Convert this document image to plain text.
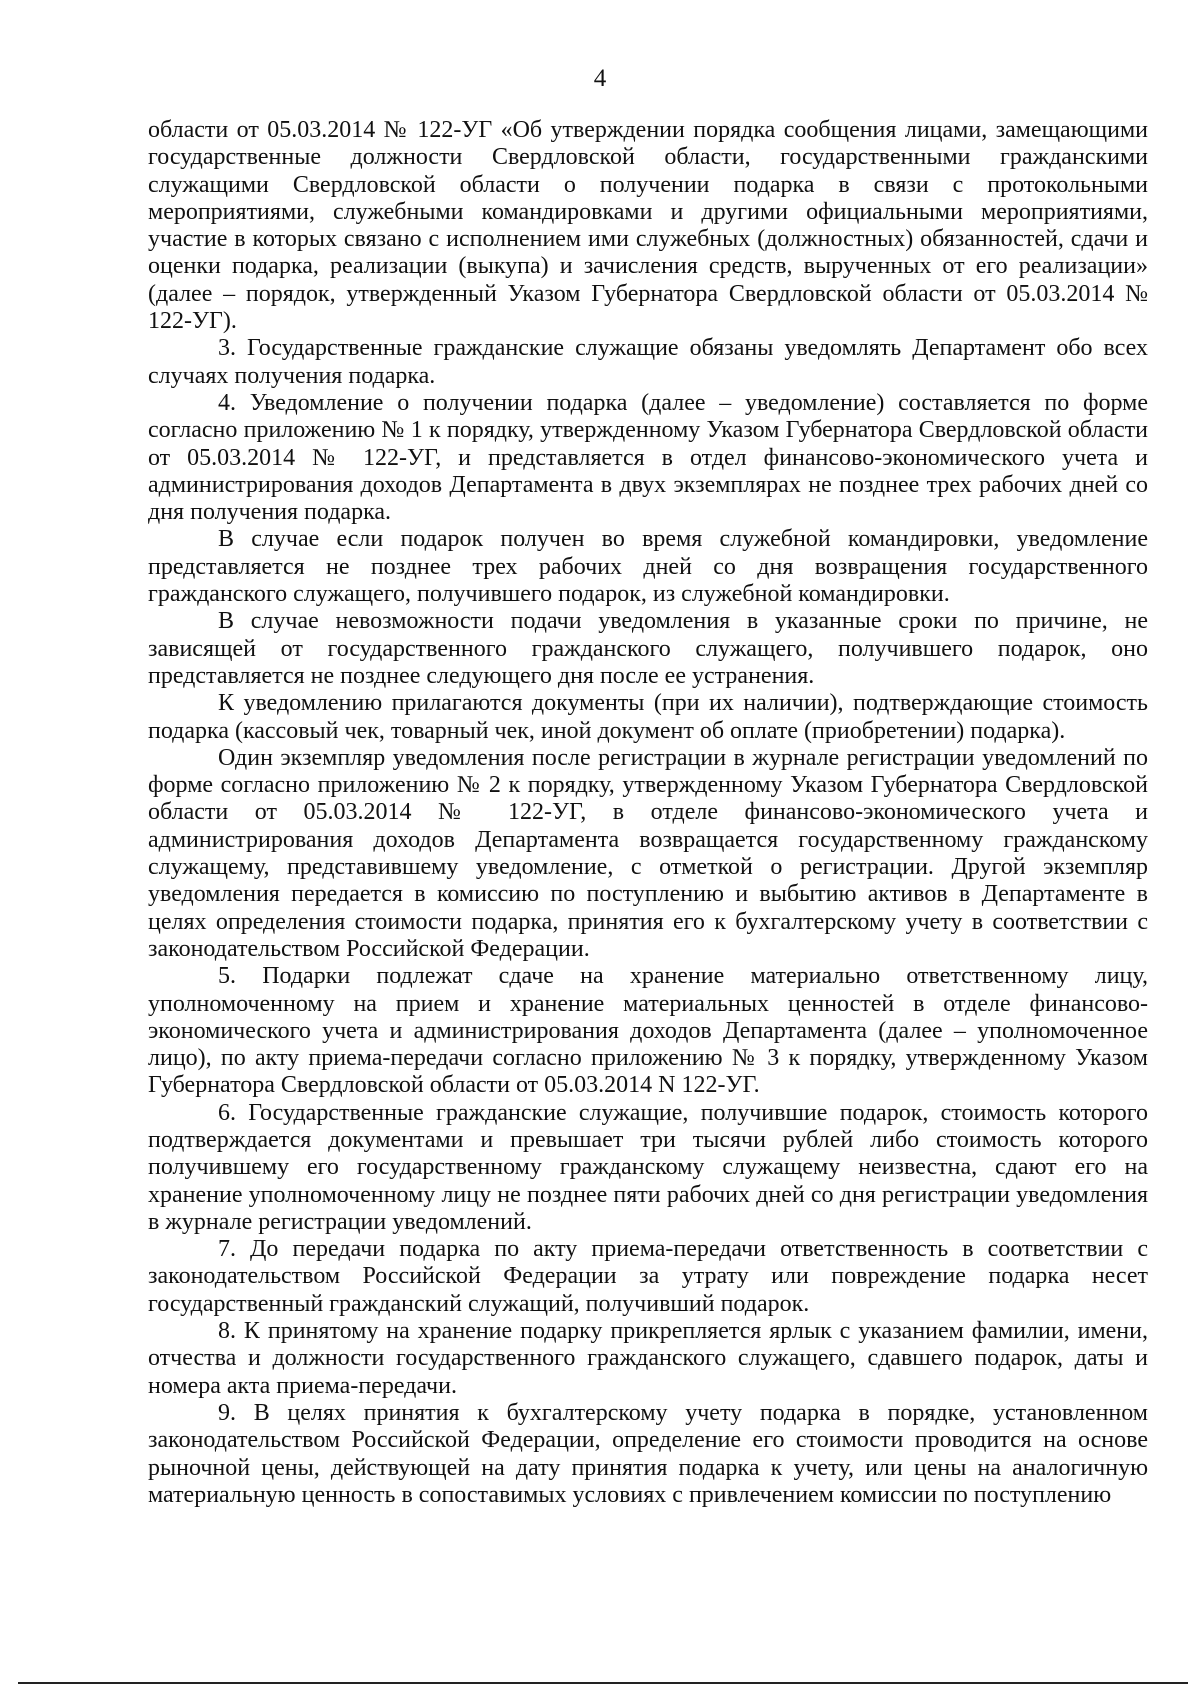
4

области от 05.03.2014 № 122-УГ «Об утверждении порядка сообщения лицами, замещающими государственные должности Свердловской области, государственными гражданскими служащими Свердловской области о получении подарка в связи с протокольными мероприятиями, служебными командировками и другими официальными мероприятиями, участие в которых связано с исполнением ими служебных (должностных) обязанностей, сдачи и оценки подарка, реализации (выкупа) и зачисления средств, вырученных от его реализации» (далее – порядок, утвержденный Указом Губернатора Свердловской области от 05.03.2014 № 122-УГ).

3. Государственные гражданские служащие обязаны уведомлять Департамент обо всех случаях получения подарка.

4. Уведомление о получении подарка (далее – уведомление) составляется по форме согласно приложению № 1 к порядку, утвержденному Указом Губернатора Свердловской области от 05.03.2014 № 122-УГ, и представляется в отдел финансово-экономического учета и администрирования доходов Департамента в двух экземплярах не позднее трех рабочих дней со дня получения подарка.

В случае если подарок получен во время служебной командировки, уведомление представляется не позднее трех рабочих дней со дня возвращения государственного гражданского служащего, получившего подарок, из служебной командировки.

В случае невозможности подачи уведомления в указанные сроки по причине, не зависящей от государственного гражданского служащего, получившего подарок, оно представляется не позднее следующего дня после ее устранения.

К уведомлению прилагаются документы (при их наличии), подтверждающие стоимость подарка (кассовый чек, товарный чек, иной документ об оплате (приобретении) подарка).

Один экземпляр уведомления после регистрации в журнале регистрации уведомлений по форме согласно приложению № 2 к порядку, утвержденному Указом Губернатора Свердловской области от 05.03.2014 № 122-УГ, в отделе финансово-экономического учета и администрирования доходов Департамента возвращается государственному гражданскому служащему, представившему уведомление, с отметкой о регистрации. Другой экземпляр уведомления передается в комиссию по поступлению и выбытию активов в Департаменте в целях определения стоимости подарка, принятия его к бухгалтерскому учету в соответствии с законодательством Российской Федерации.

5. Подарки подлежат сдаче на хранение материально ответственному лицу, уполномоченному на прием и хранение материальных ценностей в отделе финансово-экономического учета и администрирования доходов Департамента (далее – уполномоченное лицо), по акту приема-передачи согласно приложению № 3 к порядку, утвержденному Указом Губернатора Свердловской области от 05.03.2014 N 122-УГ.

6. Государственные гражданские служащие, получившие подарок, стоимость которого подтверждается документами и превышает три тысячи рублей либо стоимость которого получившему его государственному гражданскому служащему неизвестна, сдают его на хранение уполномоченному лицу не позднее пяти рабочих дней со дня регистрации уведомления в журнале регистрации уведомлений.

7. До передачи подарка по акту приема-передачи ответственность в соответствии с законодательством Российской Федерации за утрату или повреждение подарка несет государственный гражданский служащий, получивший подарок.

8. К принятому на хранение подарку прикрепляется ярлык с указанием фамилии, имени, отчества и должности государственного гражданского служащего, сдавшего подарок, даты и номера акта приема-передачи.

9. В целях принятия к бухгалтерскому учету подарка в порядке, установленном законодательством Российской Федерации, определение его стоимости проводится на основе рыночной цены, действующей на дату принятия подарка к учету, или цены на аналогичную материальную ценность в сопоставимых условиях с привлечением комиссии по поступлению
